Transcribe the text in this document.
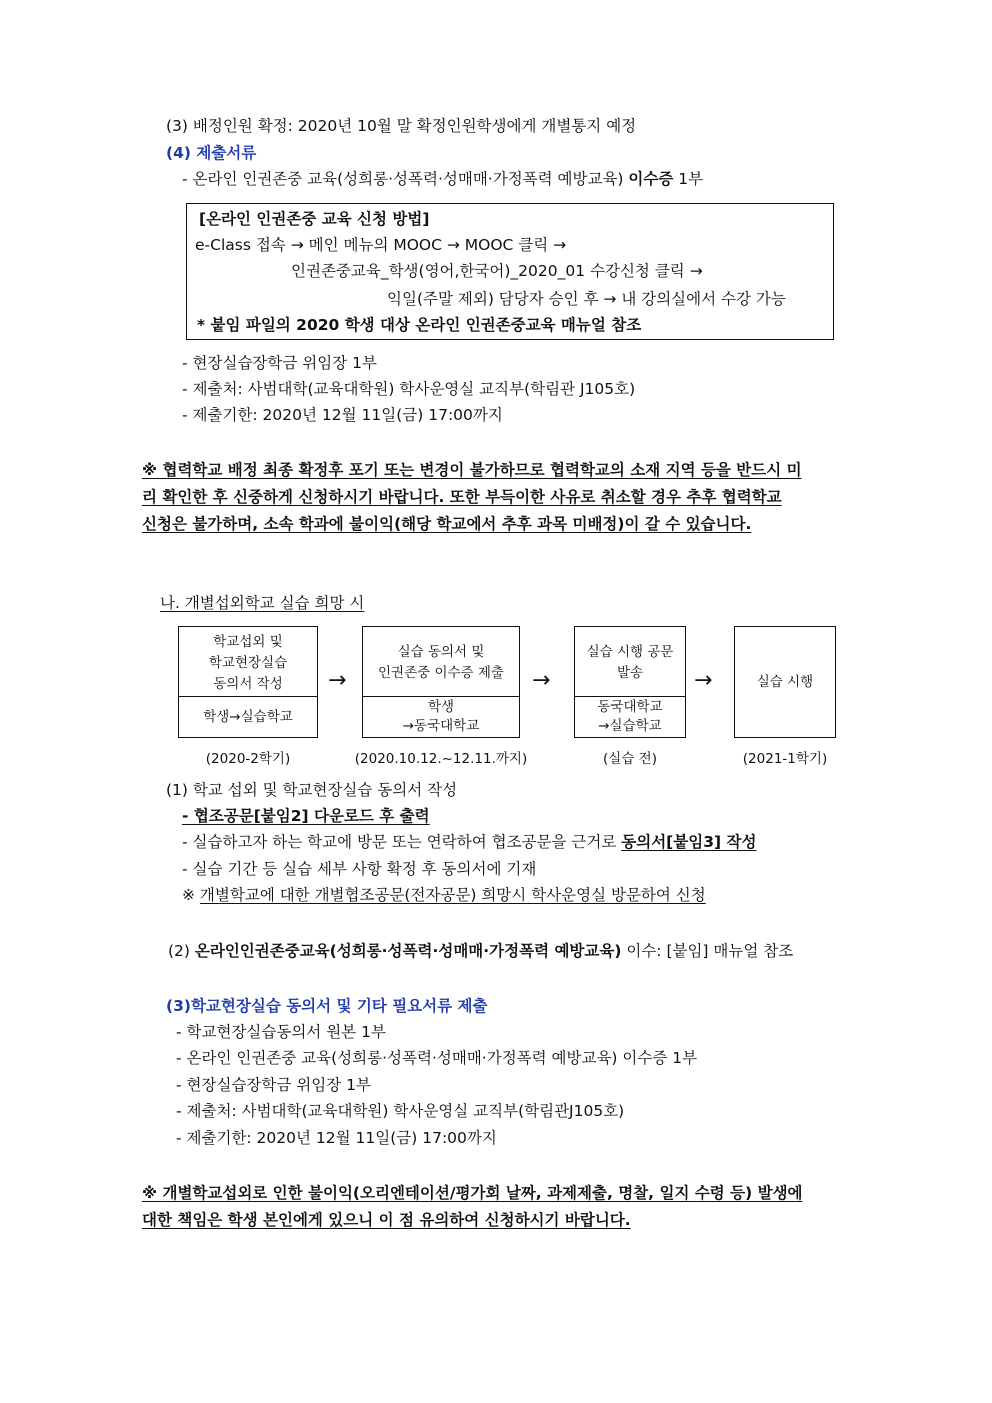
(3) 배정인원 확정: 2020년 10월 말 확정인원학생에게 개별통지 예정
(4) 제출서류
- 온라인 인권존중 교육(성희롱·성폭력·성매매·가정폭력 예방교육) 이수증 1부
[온라인 인권존중 교육 신청 방법]
e-Class 접속 → 메인 메뉴의 MOOC → MOOC 클릭 →
인권존중교육_학생(영어,한국어)_2020_01 수강신청 클릭 →
익일(주말 제외) 담당자 승인 후 → 내 강의실에서 수강 가능
* 붙임 파일의 2020 학생 대상 온라인 인권존중교육 매뉴얼 참조
- 현장실습장학금 위임장 1부
- 제출처: 사범대학(교육대학원) 학사운영실 교직부(학림관 J105호)
- 제출기한: 2020년 12월 11일(금) 17:00까지
※ 협력학교 배정 최종 확정후 포기 또는 변경이 불가하므로 협력학교의 소재 지역 등을 반드시 미
리 확인한 후 신중하게 신청하시기 바랍니다. 또한 부득이한 사유로 취소할 경우 추후 협력학교
신청은 불가하며, 소속 학과에 불이익(해당 학교에서 추후 과목 미배정)이 갈 수 있습니다.
나. 개별섭외학교 실습 희망 시
학교섭외 및
학교현장실습
동의서 작성
학생→실습학교
→
실습 동의서 및
인권존중 이수증 제출
학생
→동국대학교
→
실습 시행 공문
발송
동국대학교
→실습학교
→	실습 시행
(2020-2학기)	(2020.10.12.~12.11.까지)	(실습 전)	(2021-1학기)
(1) 학교 섭외 및 학교현장실습 동의서 작성
- 협조공문[붙임2] 다운로드 후 출력
- 실습하고자 하는 학교에 방문 또는 연락하여 협조공문을 근거로 동의서[붙임3] 작성
- 실습 기간 등 실습 세부 사항 확정 후 동의서에 기재
※ 개별학교에 대한 개별협조공문(전자공문) 희망시 학사운영실 방문하여 신청
(2) 온라인인권존중교육(성희롱·성폭력·성매매·가정폭력 예방교육) 이수: [붙임] 매뉴얼 참조
(3)학교현장실습 동의서 및 기타 필요서류 제출
- 학교현장실습동의서 원본 1부
- 온라인 인권존중 교육(성희롱·성폭력·성매매·가정폭력 예방교육) 이수증 1부
- 현장실습장학금 위임장 1부
- 제출처: 사범대학(교육대학원) 학사운영실 교직부(학림관J105호)
- 제출기한: 2020년 12월 11일(금) 17:00까지
※ 개별학교섭외로 인한 불이익(오리엔테이션/평가회 날짜, 과제제출, 명찰, 일지 수령 등) 발생에
대한 책임은 학생 본인에게 있으니 이 점 유의하여 신청하시기 바랍니다.
